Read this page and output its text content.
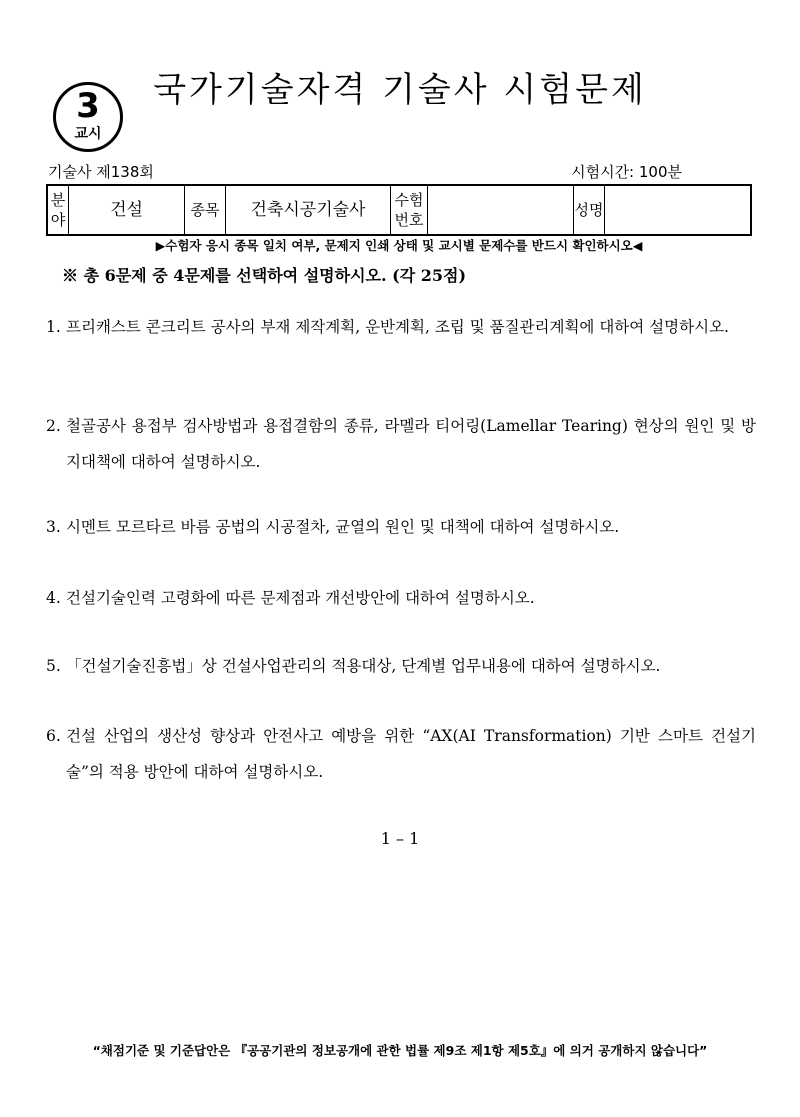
3
교시
국가기술자격 기술사 시험문제
기술사 제138회	시험시간: 100분
분야	건설	종목	건축시공기술사	수험번호		성명	
▶수험자 응시 종목 일치 여부, 문제지 인쇄 상태 및 교시별 문제수를 반드시 확인하시오◀
※ 총 6문제 중 4문제를 선택하여 설명하시오. (각 25점)
1. 프리캐스트 콘크리트 공사의 부재 제작계획, 운반계획, 조립 및 품질관리계획에 대하여 설명하시오.
2. 철골공사 용접부 검사방법과 용접결함의 종류, 라멜라 티어링(Lamellar Tearing) 현상의 원인 및 방지대책에 대하여 설명하시오.
3. 시멘트 모르타르 바름 공법의 시공절차, 균열의 원인 및 대책에 대하여 설명하시오.
4. 건설기술인력 고령화에 따른 문제점과 개선방안에 대하여 설명하시오.
5. 「건설기술진흥법」상 건설사업관리의 적용대상, 단계별 업무내용에 대하여 설명하시오.
6. 건설 산업의 생산성 향상과 안전사고 예방을 위한 “AX(AI Transformation) 기반 스마트 건설기술”의 적용 방안에 대하여 설명하시오.
1 – 1
“채점기준 및 기준답안은 『공공기관의 정보공개에 관한 법률 제9조 제1항 제5호』에 의거 공개하지 않습니다”
